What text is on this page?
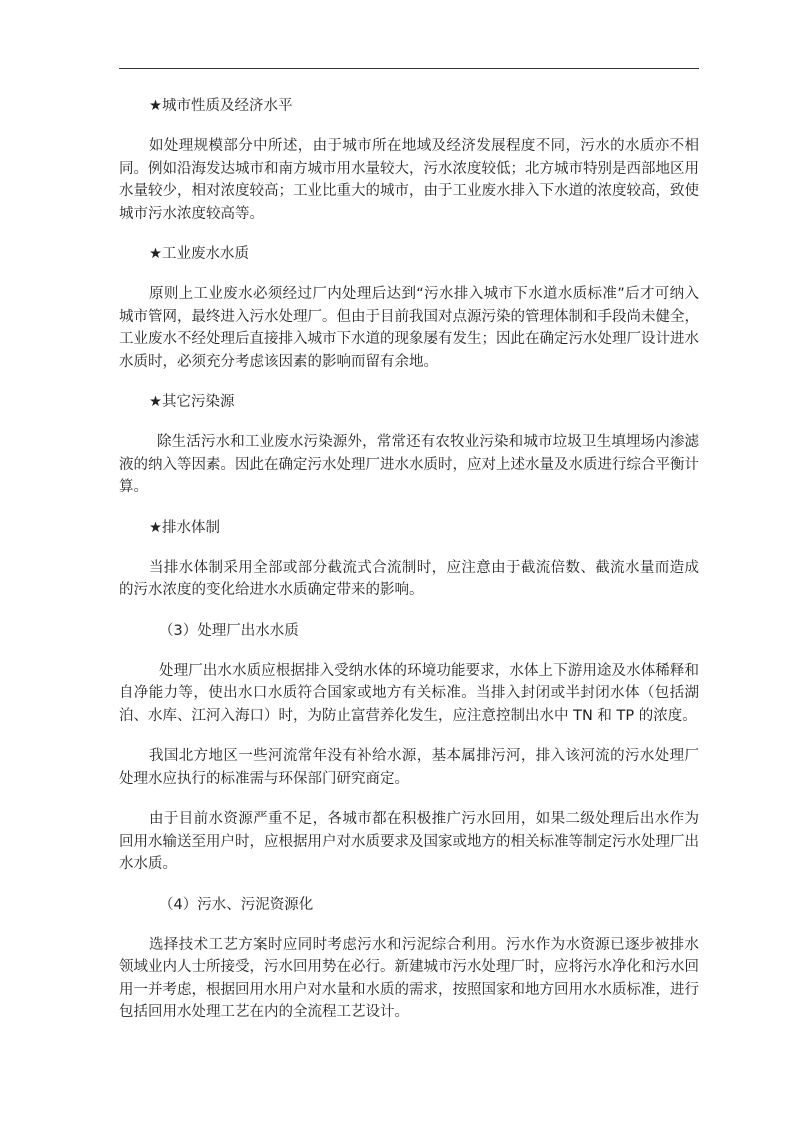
★城市性质及经济水平
如处理规模部分中所述，由于城市所在地域及经济发展程度不同，污水的水质亦不相同。例如沿海发达城市和南方城市用水量较大，污水浓度较低；北方城市特别是西部地区用水量较少，相对浓度较高；工业比重大的城市，由于工业废水排入下水道的浓度较高，致使城市污水浓度较高等。
★工业废水水质
原则上工业废水必须经过厂内处理后达到“污水排入城市下水道水质标准”后才可纳入城市管网，最终进入污水处理厂。但由于目前我国对点源污染的管理体制和手段尚未健全，工业废水不经处理后直接排入城市下水道的现象屡有发生；因此在确定污水处理厂设计进水水质时，必须充分考虑该因素的影响而留有余地。
★其它污染源
除生活污水和工业废水污染源外，常常还有农牧业污染和城市垃圾卫生填埋场内渗滤液的纳入等因素。因此在确定污水处理厂进水水质时，应对上述水量及水质进行综合平衡计算。
★排水体制
当排水体制采用全部或部分截流式合流制时，应注意由于截流倍数、截流水量而造成的污水浓度的变化给进水水质确定带来的影响。
（3）处理厂出水水质
处理厂出水水质应根据排入受纳水体的环境功能要求，水体上下游用途及水体稀释和自净能力等，使出水口水质符合国家或地方有关标准。当排入封闭或半封闭水体（包括湖泊、水库、江河入海口）时，为防止富营养化发生，应注意控制出水中 TN 和 TP 的浓度。
我国北方地区一些河流常年没有补给水源，基本属排污河，排入该河流的污水处理厂处理水应执行的标准需与环保部门研究商定。
由于目前水资源严重不足，各城市都在积极推广污水回用，如果二级处理后出水作为回用水输送至用户时，应根据用户对水质要求及国家或地方的相关标准等制定污水处理厂出水水质。
（4）污水、污泥资源化
选择技术工艺方案时应同时考虑污水和污泥综合利用。污水作为水资源已逐步被排水领域业内人士所接受，污水回用势在必行。新建城市污水处理厂时，应将污水净化和污水回用一并考虑，根据回用水用户对水量和水质的需求，按照国家和地方回用水水质标准，进行包括回用水处理工艺在内的全流程工艺设计。
